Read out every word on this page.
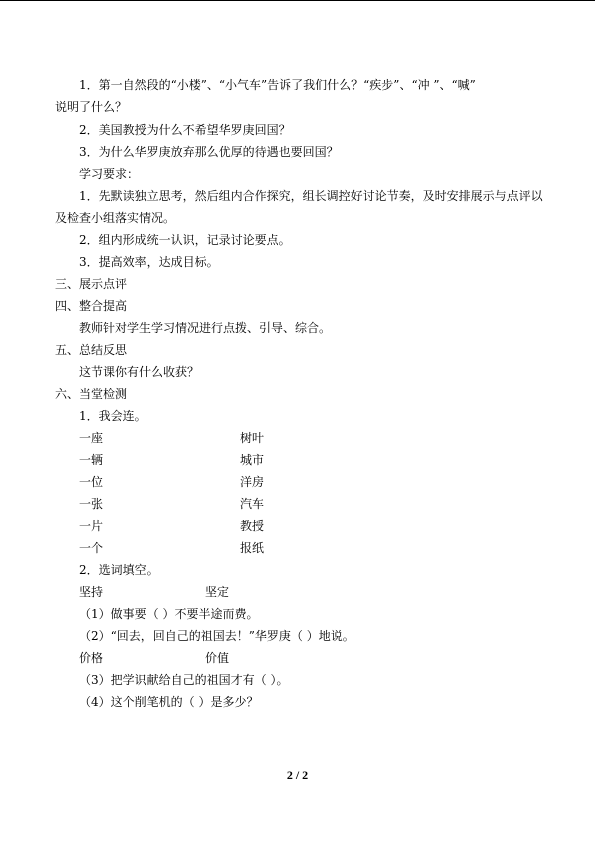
1．第一自然段的“小楼”、“小气车”告诉了我们什么？“疾步”、“冲 ”、“喊”
说明了什么？
2．美国教授为什么不希望华罗庚回国？
3．为什么华罗庚放弃那么优厚的待遇也要回国？
学习要求：
1．先默读独立思考，然后组内合作探究，组长调控好讨论节奏，及时安排展示与点评以
及检查小组落实情况。
2．组内形成统一认识，记录讨论要点。
3．提高效率，达成目标。
三、展示点评
四、整合提高
教师针对学生学习情况进行点拨、引导、综合。
五、总结反思
这节课你有什么收获？
六、当堂检测
1．我会连。
一座	树叶
一辆	城市
一位	洋房
一张	汽车
一片	教授
一个	报纸
2．选词填空。
坚持	坚定
（1）做事要（ ）不要半途而费。
（2）“回去，回自己的祖国去！”华罗庚（ ）地说。
价格	价值
（3）把学识献给自己的祖国才有（ ）。
（4）这个削笔机的（ ）是多少？
2 / 2
